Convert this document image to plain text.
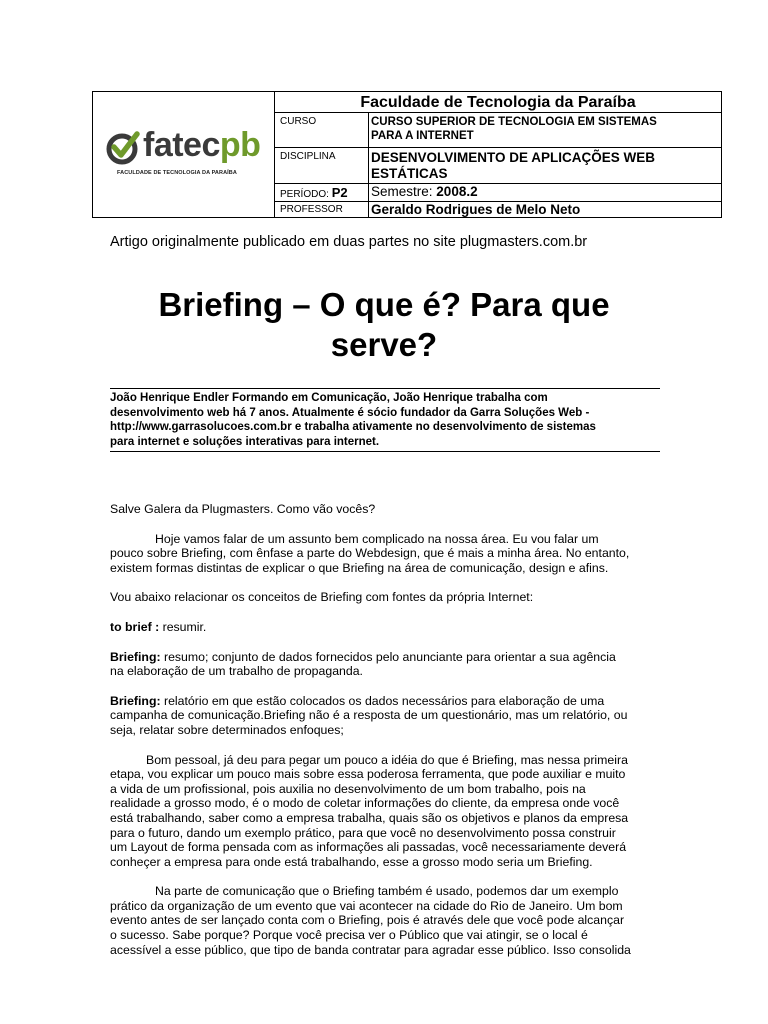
fatecpb
FACULDADE DE TECNOLOGIA DA PARAÍBA
Faculdade de Tecnologia da Paraíba
CURSO	CURSO SUPERIOR DE TECNOLOGIA EM SISTEMAS
PARA A INTERNET
DISCIPLINA	DESENVOLVIMENTO DE APLICAÇÕES WEB
ESTÁTICAS
PERÍODO: P2	Semestre: 2008.2
PROFESSOR	Geraldo Rodrigues de Melo Neto
Artigo originalmente publicado em duas partes no site plugmasters.com.br
Briefing – O que é? Para que
serve?
João Henrique Endler Formando em Comunicação, João Henrique trabalha com
desenvolvimento web há 7 anos. Atualmente é sócio fundador da Garra Soluções Web -
http://www.garrasolucoes.com.br e trabalha ativamente no desenvolvimento de sistemas
para internet e soluções interativas para internet.

Salve Galera da Plugmasters. Como vão vocês?

Hoje vamos falar de um assunto bem complicado na nossa área. Eu vou falar um

pouco sobre Briefing, com ênfase a parte do Webdesign, que é mais a minha área. No entanto,

existem formas distintas de explicar o que Briefing na área de comunicação, design e afins.

Vou abaixo relacionar os conceitos de Briefing com fontes da própria Internet:

to brief : resumir.

Briefing: resumo; conjunto de dados fornecidos pelo anunciante para orientar a sua agência

na elaboração de um trabalho de propaganda.

Briefing: relatório em que estão colocados os dados necessários para elaboração de uma

campanha de comunicação.Briefing não é a resposta de um questionário, mas um relatório, ou

seja, relatar sobre determinados enfoques;

Bom pessoal, já deu para pegar um pouco a idéia do que é Briefing, mas nessa primeira

etapa, vou explicar um pouco mais sobre essa poderosa ferramenta, que pode auxiliar e muito

a vida de um profissional, pois auxilia no desenvolvimento de um bom trabalho, pois na

realidade a grosso modo, é o modo de coletar informações do cliente, da empresa onde você

está trabalhando, saber como a empresa trabalha, quais são os objetivos e planos da empresa

para o futuro, dando um exemplo prático, para que você no desenvolvimento possa construir

um Layout de forma pensada com as informações ali passadas, você necessariamente deverá

conheçer a empresa para onde está trabalhando, esse a grosso modo seria um Briefing.

Na parte de comunicação que o Briefing também é usado, podemos dar um exemplo

prático da organização de um evento que vai acontecer na cidade do Rio de Janeiro. Um bom

evento antes de ser lançado conta com o Briefing, pois é através dele que você pode alcançar

o sucesso. Sabe porque? Porque você precisa ver o Público que vai atingir, se o local é

acessível a esse público, que tipo de banda contratar para agradar esse público. Isso consolida
